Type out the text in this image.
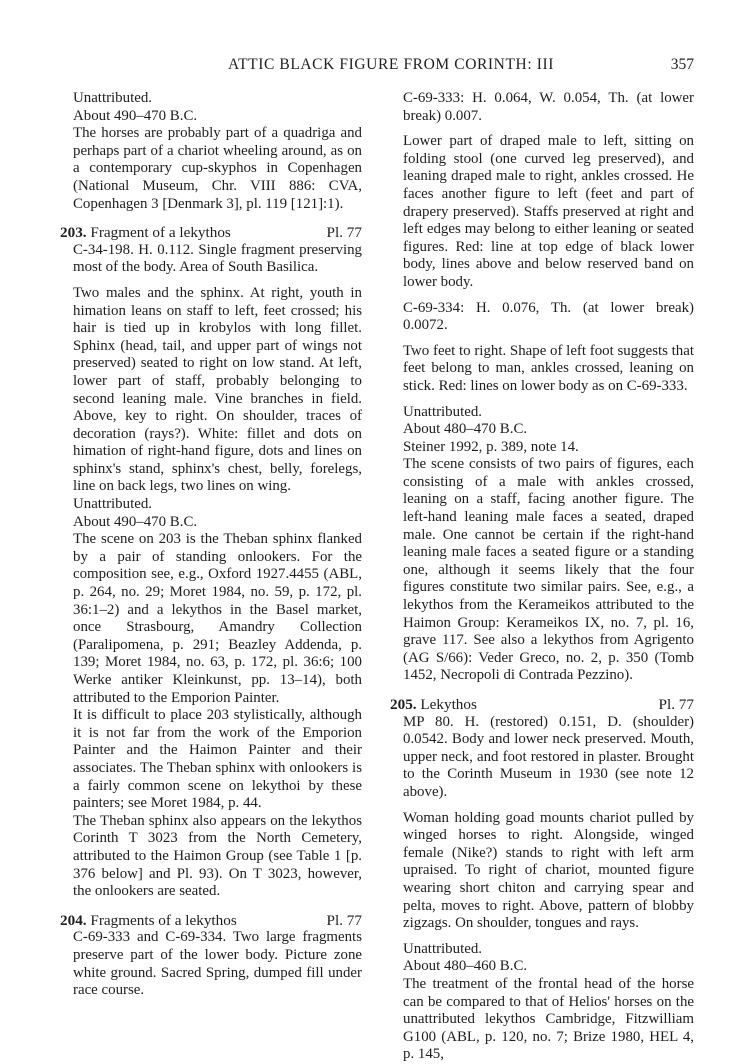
ATTIC BLACK FIGURE FROM CORINTH: III	357

Unattributed.

About 490–470 B.C.

The horses are probably part of a quadriga and perhaps part of a chariot wheeling around, as on a contemporary cup-skyphos in Copenhagen (National Museum, Chr. VIII 886: CVA, Copenhagen 3 [Denmark 3], pl. 119 [121]:1).

203. Fragment of a lekythos	Pl. 77

C-34-198. H. 0.112. Single fragment preserving most of the body. Area of South Basilica.

Two males and the sphinx. At right, youth in himation leans on staff to left, feet crossed; his hair is tied up in krobylos with long fillet. Sphinx (head, tail, and upper part of wings not preserved) seated to right on low stand. At left, lower part of staff, probably belonging to second leaning male. Vine branches in field. Above, key to right. On shoulder, traces of decoration (rays?). White: fillet and dots on himation of right-hand figure, dots and lines on sphinx's stand, sphinx's chest, belly, forelegs, line on back legs, two lines on wing.

Unattributed.

About 490–470 B.C.

The scene on 203 is the Theban sphinx flanked by a pair of standing onlookers. For the composition see, e.g., Oxford 1927.4455 (ABL, p. 264, no. 29; Moret 1984, no. 59, p. 172, pl. 36:1–2) and a lekythos in the Basel market, once Strasbourg, Amandry Collection (Paralipomena, p. 291; Beazley Addenda, p. 139; Moret 1984, no. 63, p. 172, pl. 36:6; 100 Werke antiker Kleinkunst, pp. 13–14), both attributed to the Emporion Painter.

It is difficult to place 203 stylistically, although it is not far from the work of the Emporion Painter and the Haimon Painter and their associates. The Theban sphinx with onlookers is a fairly common scene on lekythoi by these painters; see Moret 1984, p. 44.

The Theban sphinx also appears on the lekythos Corinth T 3023 from the North Cemetery, attributed to the Haimon Group (see Table 1 [p. 376 below] and Pl. 93). On T 3023, however, the onlookers are seated.

204. Fragments of a lekythos	Pl. 77

C-69-333 and C-69-334. Two large fragments preserve part of the lower body. Picture zone white ground. Sacred Spring, dumped fill under race course.

C-69-333: H. 0.064, W. 0.054, Th. (at lower break) 0.007.

Lower part of draped male to left, sitting on folding stool (one curved leg preserved), and leaning draped male to right, ankles crossed. He faces another figure to left (feet and part of drapery preserved). Staffs preserved at right and left edges may belong to either leaning or seated figures. Red: line at top edge of black lower body, lines above and below reserved band on lower body.

C-69-334: H. 0.076, Th. (at lower break) 0.0072.

Two feet to right. Shape of left foot suggests that feet belong to man, ankles crossed, leaning on stick. Red: lines on lower body as on C-69-333.

Unattributed.

About 480–470 B.C.

Steiner 1992, p. 389, note 14.

The scene consists of two pairs of figures, each consisting of a male with ankles crossed, leaning on a staff, facing another figure. The left-hand leaning male faces a seated, draped male. One cannot be certain if the right-hand leaning male faces a seated figure or a standing one, although it seems likely that the four figures constitute two similar pairs. See, e.g., a lekythos from the Kerameikos attributed to the Haimon Group: Kerameikos IX, no. 7, pl. 16, grave 117. See also a lekythos from Agrigento (AG S/66): Veder Greco, no. 2, p. 350 (Tomb 1452, Necropoli di Contrada Pezzino).

205. Lekythos	Pl. 77

MP 80. H. (restored) 0.151, D. (shoulder) 0.0542. Body and lower neck preserved. Mouth, upper neck, and foot restored in plaster. Brought to the Corinth Museum in 1930 (see note 12 above).

Woman holding goad mounts chariot pulled by winged horses to right. Alongside, winged female (Nike?) stands to right with left arm upraised. To right of chariot, mounted figure wearing short chiton and carrying spear and pelta, moves to right. Above, pattern of blobby zigzags. On shoulder, tongues and rays.

Unattributed.

About 480–460 B.C.

The treatment of the frontal head of the horse can be compared to that of Helios' horses on the unattributed lekythos Cambridge, Fitzwilliam G100 (ABL, p. 120, no. 7; Brize 1980, HEL 4, p. 145,
